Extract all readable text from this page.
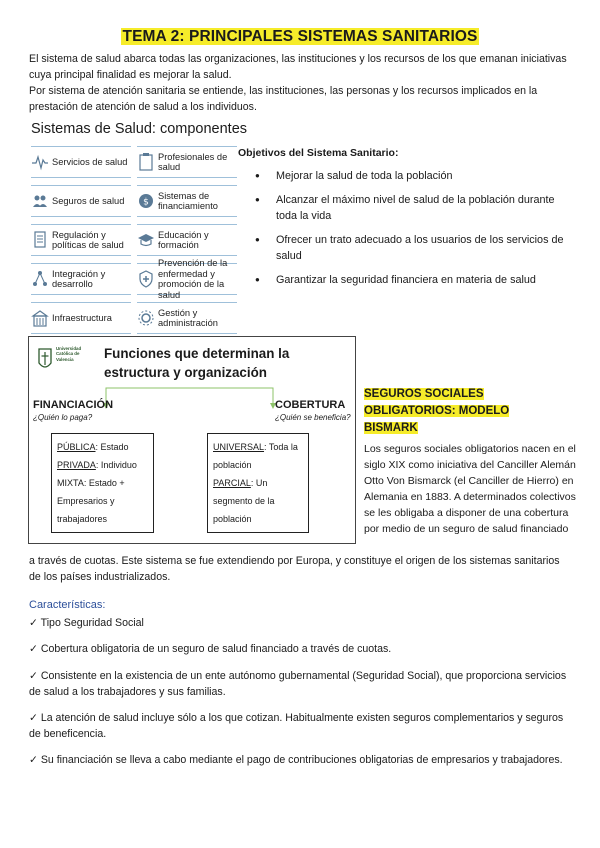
TEMA 2: PRINCIPALES SISTEMAS SANITARIOS

El sistema de salud abarca todas las organizaciones, las instituciones y los recursos de los que emanan iniciativas cuya principal finalidad es mejorar la salud.

Por sistema de atención sanitaria se entiende, las instituciones, las personas y los recursos implicados en la prestación de atención de salud a los individuos.

Sistemas de Salud: componentes
Servicios de salud
Seguros de salud
Regulación y políticas de salud
Integración y desarrollo
Infraestructura
Profesionales de salud
$
Sistemas de financiamiento
Educación y formación
Prevención de la enfermedad y promoción de la salud
Gestión y administración
Objetivos del Sistema Sanitario:
● Mejorar la salud de toda la población
● Alcanzar el máximo nivel de salud de la población durante toda la vida
● Ofrecer un trato adecuado a los usuarios de los servicios de salud
● Garantizar la seguridad financiera en materia de salud
Universidad Católica de Valencia	Funciones que determinan la estructura y organización
FINANCIACIÓN
¿Quién lo paga?
COBERTURA
¿Quién se beneficia?
PÚBLICA: Estado
PRIVADA: Individuo
MIXTA: Estado +
Empresarios y
trabajadores
UNIVERSAL: Toda la
población
PARCIAL: Un
segmento de la
población
SEGUROS SOCIALES
OBLIGATORIOS: MODELO
BISMARK
Los seguros sociales obligatorios nacen en el siglo XIX como iniciativa del Canciller Alemán Otto Von Bismarck (el Canciller de Hierro) en Alemania en 1883. A determinados colectivos se les obligaba a disponer de una cobertura por medio de un seguro de salud financiado
a través de cuotas. Este sistema se fue extendiendo por Europa, y constituye el origen de los sistemas sanitarios de los países industrializados.
Características:
✓ Tipo Seguridad Social
✓ Cobertura obligatoria de un seguro de salud financiado a través de cuotas.
✓ Consistente en la existencia de un ente autónomo gubernamental (Seguridad Social), que proporciona servicios de salud a los trabajadores y sus familias.
✓ La atención de salud incluye sólo a los que cotizan. Habitualmente existen seguros complementarios y seguros de beneficencia.
✓ Su financiación se lleva a cabo mediante el pago de contribuciones obligatorias de empresarios y trabajadores.
